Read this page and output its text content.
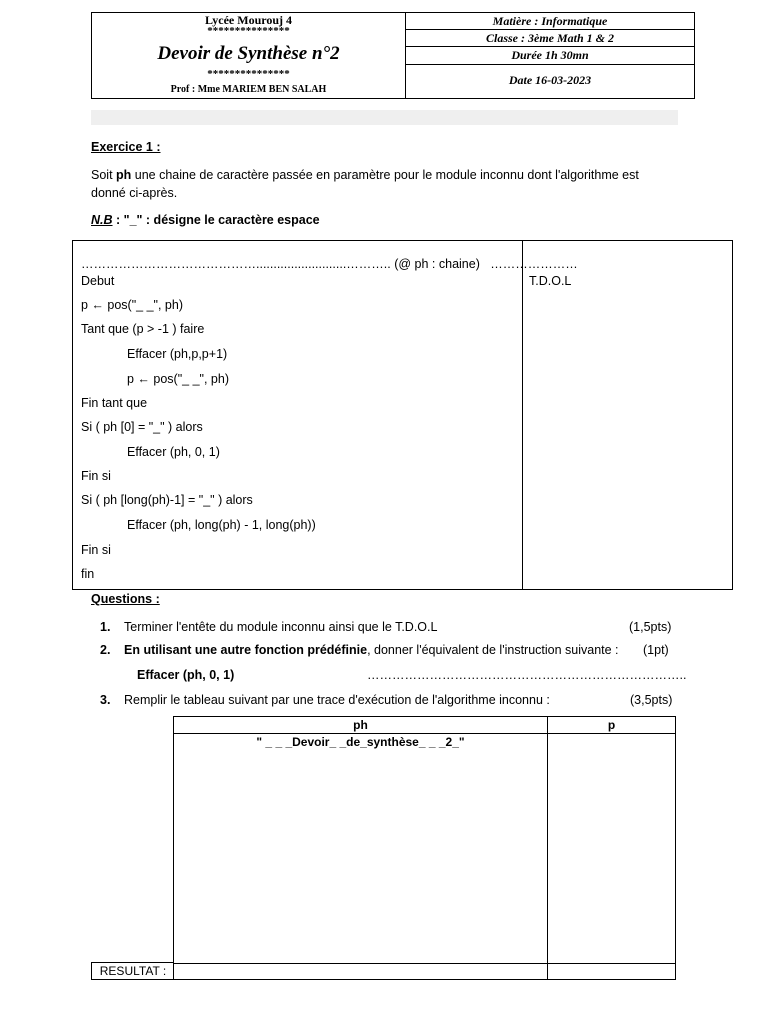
Lycée Mourouj 4
***************
Devoir de Synthèse n°2
***************
Prof : Mme MARIEM BEN SALAH
Matière : Informatique
Classe : 3ème Math 1 & 2
Durée 1h 30mn
Date 16-03-2023
Exercice 1 :
Soit ph une chaine de caractère passée en paramètre pour le module inconnu dont l'algorithme est
donné ci-après.
N.B : "_" : désigne le caractère espace
……………………………………..........................……….. (@ ph : chaine)   …………………
Debut
p ← pos("_ _", ph)
Tant que (p > -1 ) faire
Effacer (ph,p,p+1)
p ← pos("_ _", ph)
Fin tant que
Si ( ph [0] = "_" ) alors
Effacer (ph, 0, 1)
Fin si
Si ( ph [long(ph)-1] = "_" ) alors
Effacer (ph, long(ph) - 1, long(ph))
Fin si
fin
T.D.O.L
Questions :
1. Terminer l'entête du module inconnu ainsi que le T.D.O.L	(1,5pts)
2. En utilisant une autre fonction prédéfinie, donner l'équivalent de l'instruction suivante : (1pt)
Effacer (ph, 0, 1)	…………………………………………………………………..
3. Remplir le tableau suivant par une trace d'exécution de l'algorithme inconnu :	(3,5pts)
ph	p
" _ _ _Devoir_ _de_synthèse_ _ _2_"
RESULTAT :
